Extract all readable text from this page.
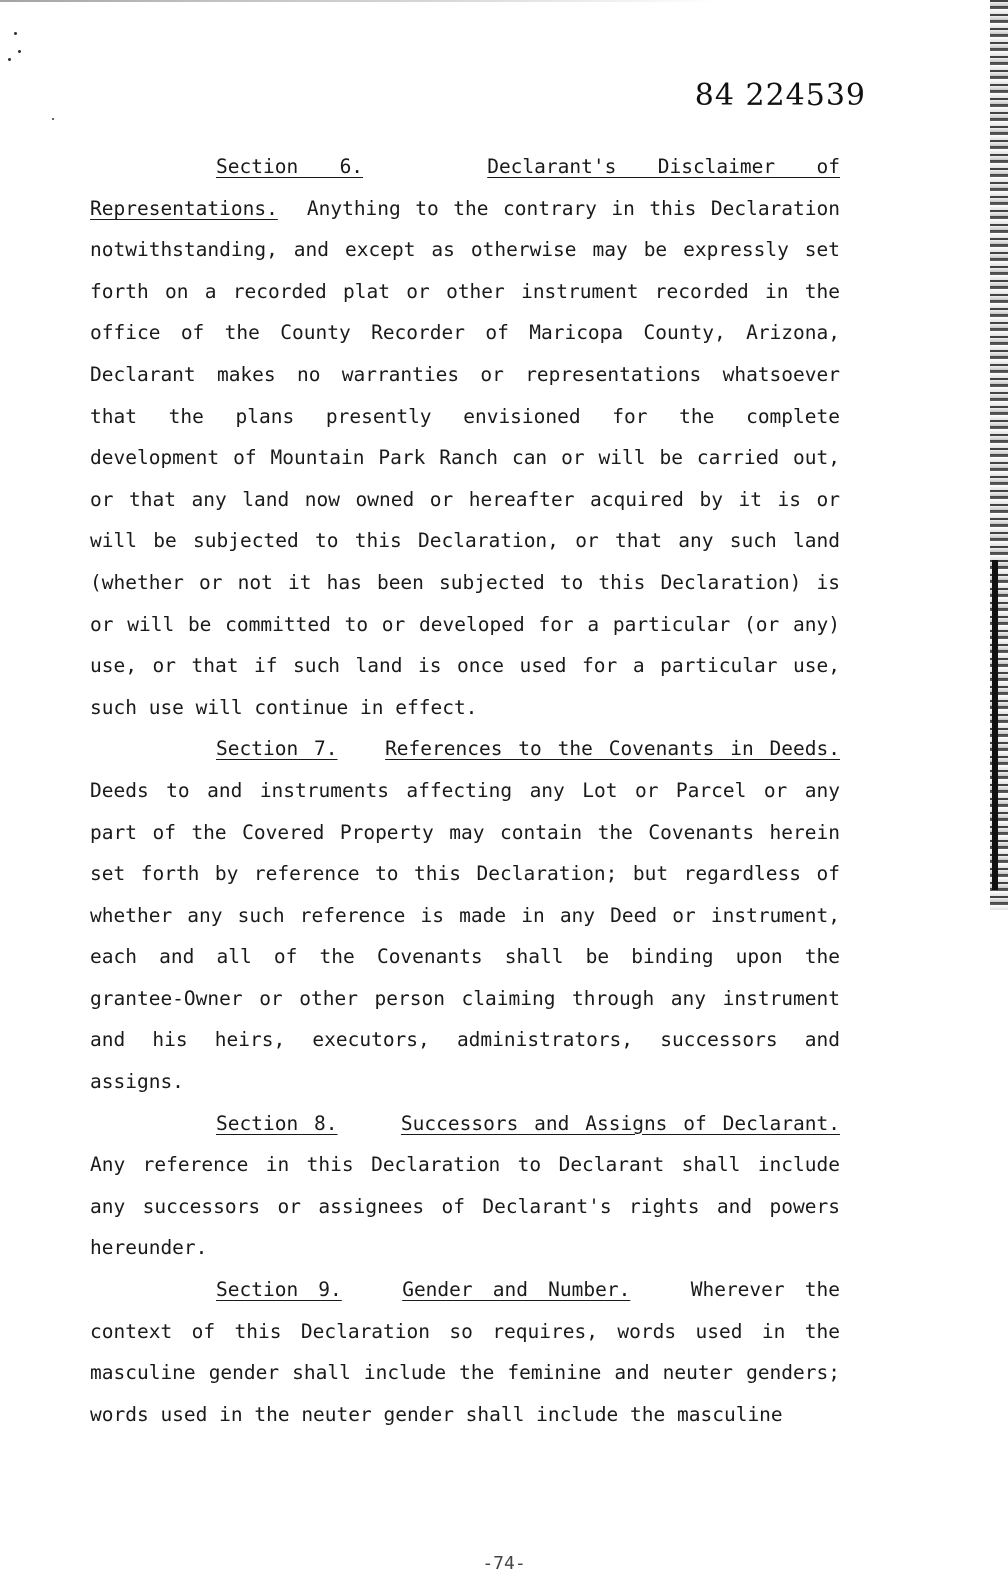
84 224539

Section 6.	Declarant's Disclaimer of Representations. Anything to the contrary in this Declaration notwithstanding, and except as otherwise may be expressly set forth on a recorded plat or other instrument recorded in the office of the County Recorder of Maricopa County, Arizona, Declarant makes no warranties or representations whatsoever that the plans presently envisioned for the complete development of Mountain Park Ranch can or will be carried out, or that any land now owned or hereafter acquired by it is or will be subjected to this Declaration, or that any such land (whether or not it has been subjected to this Declaration) is or will be committed to or developed for a particular (or any) use, or that if such land is once used for a particular use, such use will continue in effect.

Section 7. References to the Covenants in Deeds. Deeds to and instruments affecting any Lot or Parcel or any part of the Covered Property may contain the Covenants herein set forth by reference to this Declaration; but regardless of whether any such reference is made in any Deed or instrument, each and all of the Covenants shall be binding upon the grantee-Owner or other person claiming through any instrument and his heirs, executors, administrators, successors and assigns.

Section 8.	Successors and Assigns of Declarant. Any reference in this Declaration to Declarant shall include any successors or assignees of Declarant's rights and powers hereunder.

Section 9.	Gender and Number.	Wherever the context of this Declaration so requires, words used in the masculine gender shall include the feminine and neuter genders; words used in the neuter gender shall include the masculine

-74-
